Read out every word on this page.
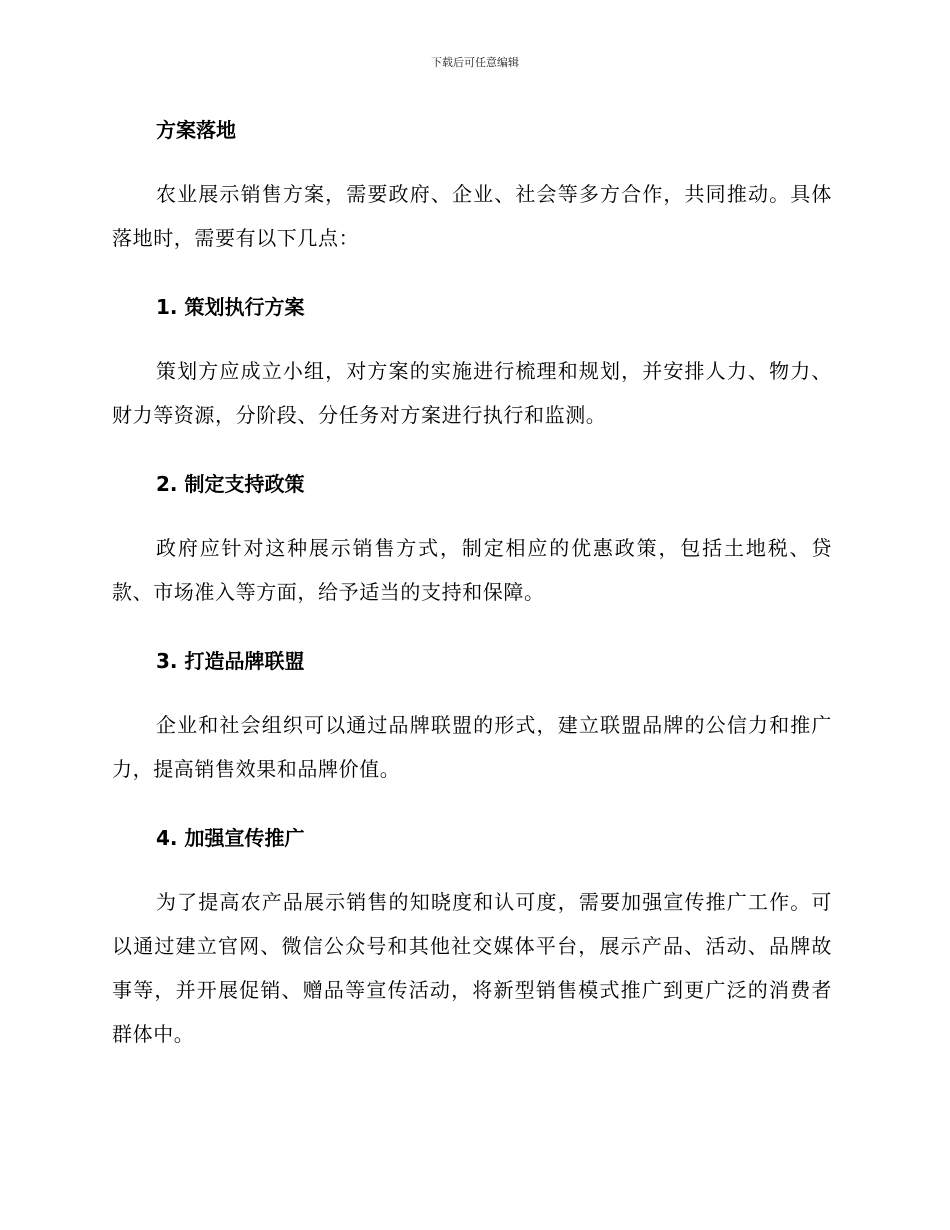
下载后可任意编辑
方案落地
农业展示销售方案，需要政府、企业、社会等多方合作，共同推动。具体落地时，需要有以下几点：
1. 策划执行方案
策划方应成立小组，对方案的实施进行梳理和规划，并安排人力、物力、财力等资源，分阶段、分任务对方案进行执行和监测。
2. 制定支持政策
政府应针对这种展示销售方式，制定相应的优惠政策，包括土地税、贷款、市场准入等方面，给予适当的支持和保障。
3. 打造品牌联盟
企业和社会组织可以通过品牌联盟的形式，建立联盟品牌的公信力和推广力，提高销售效果和品牌价值。
4. 加强宣传推广
为了提高农产品展示销售的知晓度和认可度，需要加强宣传推广工作。可以通过建立官网、微信公众号和其他社交媒体平台，展示产品、活动、品牌故事等，并开展促销、赠品等宣传活动，将新型销售模式推广到更广泛的消费者群体中。
